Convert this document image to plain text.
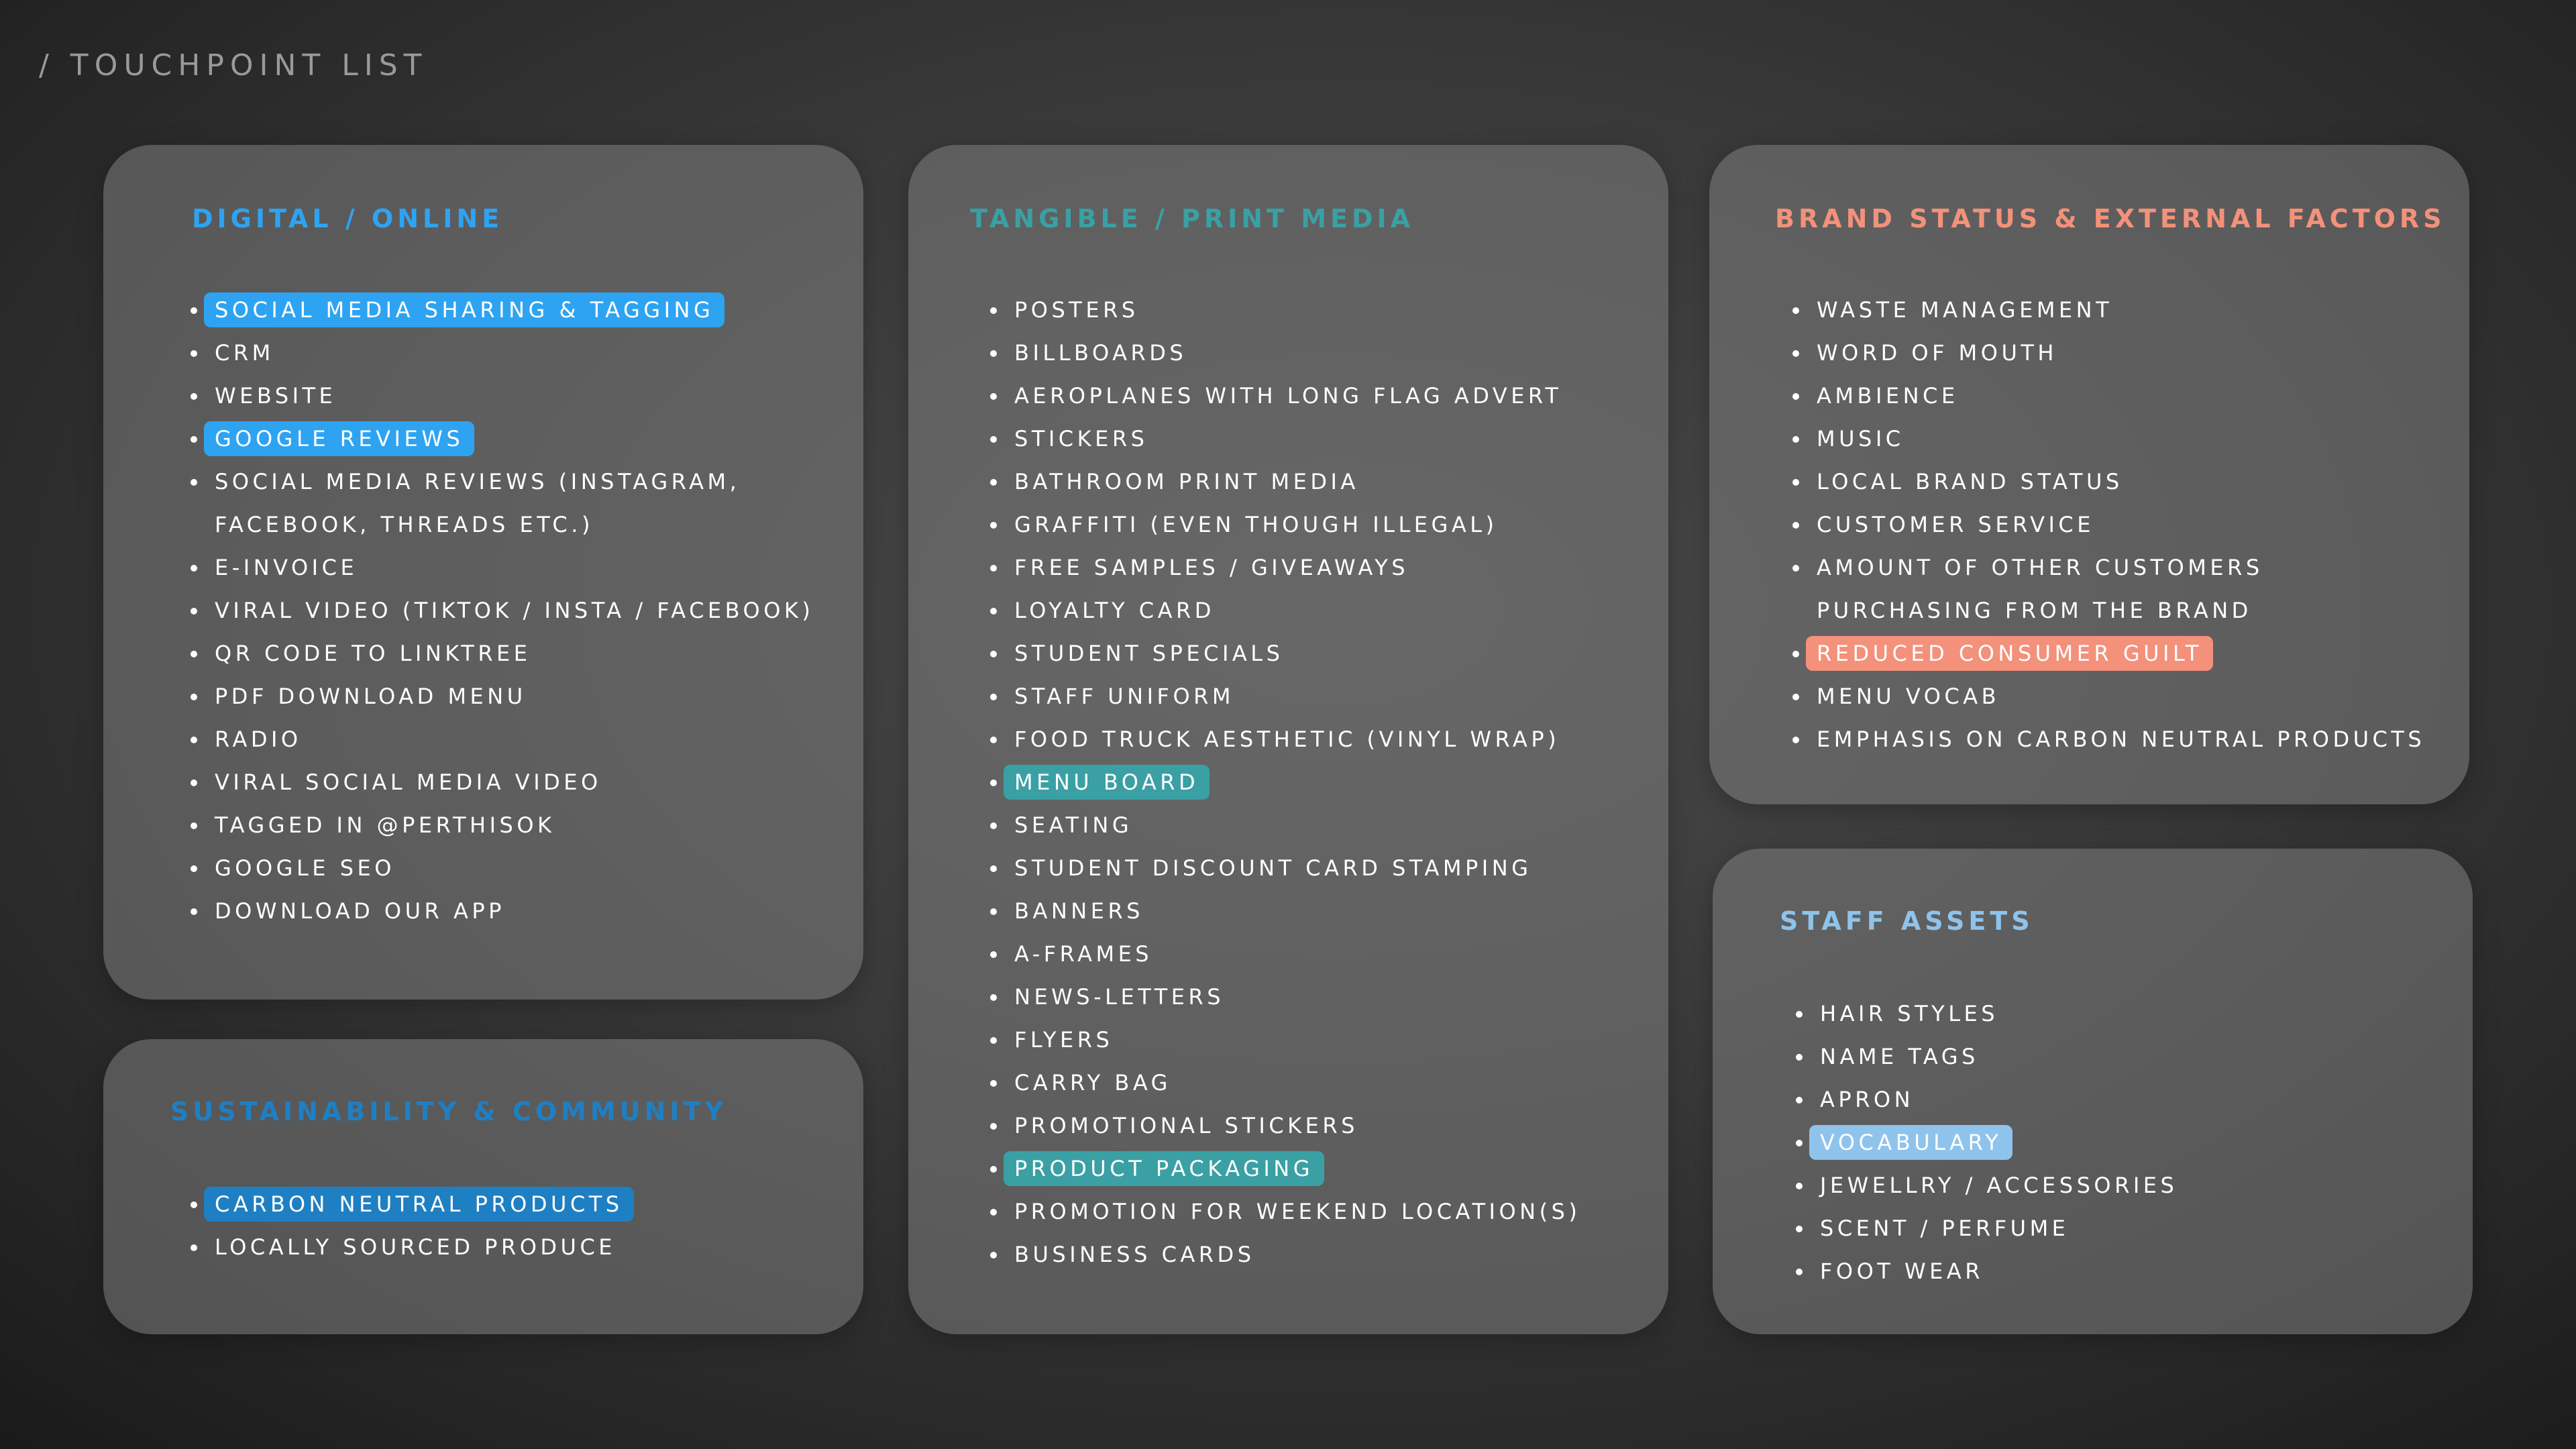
/ TOUCHPOINT LIST
DIGITAL / ONLINE
SOCIAL MEDIA SHARING & TAGGING
CRM
WEBSITE
GOOGLE REVIEWS
SOCIAL MEDIA REVIEWS (INSTAGRAM,
FACEBOOK, THREADS ETC.)
E-INVOICE
VIRAL VIDEO (TIKTOK / INSTA / FACEBOOK)
QR CODE TO LINKTREE
PDF DOWNLOAD MENU
RADIO
VIRAL SOCIAL MEDIA VIDEO
TAGGED IN @PERTHISOK
GOOGLE SEO
DOWNLOAD OUR APP
SUSTAINABILITY & COMMUNITY
CARBON NEUTRAL PRODUCTS
LOCALLY SOURCED PRODUCE
TANGIBLE / PRINT MEDIA
POSTERS
BILLBOARDS
AEROPLANES WITH LONG FLAG ADVERT
STICKERS
BATHROOM PRINT MEDIA
GRAFFITI (EVEN THOUGH ILLEGAL)
FREE SAMPLES / GIVEAWAYS
LOYALTY CARD
STUDENT SPECIALS
STAFF UNIFORM
FOOD TRUCK AESTHETIC (VINYL WRAP)
MENU BOARD
SEATING
STUDENT DISCOUNT CARD STAMPING
BANNERS
A-FRAMES
NEWS-LETTERS
FLYERS
CARRY BAG
PROMOTIONAL STICKERS
PRODUCT PACKAGING
PROMOTION FOR WEEKEND LOCATION(S)
BUSINESS CARDS
BRAND STATUS & EXTERNAL FACTORS
WASTE MANAGEMENT
WORD OF MOUTH
AMBIENCE
MUSIC
LOCAL BRAND STATUS
CUSTOMER SERVICE
AMOUNT OF OTHER CUSTOMERS
PURCHASING FROM THE BRAND
REDUCED CONSUMER GUILT
MENU VOCAB
EMPHASIS ON CARBON NEUTRAL PRODUCTS
STAFF ASSETS
HAIR STYLES
NAME TAGS
APRON
VOCABULARY
JEWELLRY / ACCESSORIES
SCENT / PERFUME
FOOT WEAR
